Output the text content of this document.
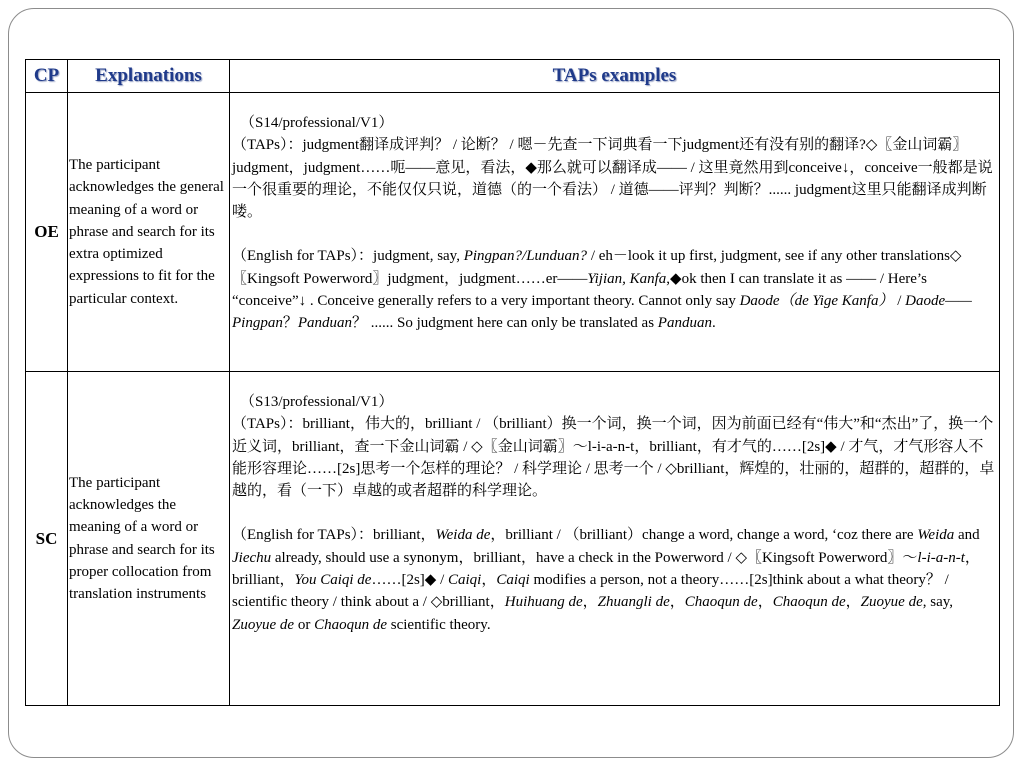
CP	Explanations	TAPs examples
OE	The participant acknowledges the general meaning of a word or phrase and search for its extra optimized expressions to fit for the particular context.	（S14/professional/V1）
（TAPs）：judgment翻译成评判？ / 论断？ / 嗯－先查一下词典看一下judgment还有没有别的翻译?◇〖金山词霸〗judgment，judgment……呃——意见，看法，◆那么就可以翻译成—— / 这里竟然用到conceive↓，conceive一般都是说一个很重要的理论，不能仅仅只说，道德（的一个看法） / 道德——评判？判断？...... judgment这里只能翻译成判断喽。

（English for TAPs）：judgment, say, Pingpan?/Lunduan? / eh－look it up first, judgment, see if any other translations◇〖Kingsoft Powerword〗judgment，judgment……er——Yijian, Kanfa,◆ok then I can translate it as —— / Here’s “conceive”↓ . Conceive generally refers to a very important theory. Cannot only say Daode（de Yige Kanfa） / Daode——Pingpan？Panduan？ ...... So judgment here can only be translated as Panduan.

SC	The participant acknowledges the meaning of a word or phrase and search for its proper collocation from translation instruments	（S13/professional/V1）
（TAPs）：brilliant，伟大的，brilliant / （brilliant）换一个词，换一个词，因为前面已经有“伟大”和“杰出”了，换一个近义词，brilliant，查一下金山词霸 / ◇〖金山词霸〗～l-i-a-n-t，brilliant，有才气的……[2s]◆ / 才气，才气形容人不能形容理论……[2s]思考一个怎样的理论？ / 科学理论 / 思考一个 / ◇brilliant，辉煌的，壮丽的，超群的，超群的，卓越的，看（一下）卓越的或者超群的科学理论。

（English for TAPs）：brilliant，Weida de，brilliant / （brilliant）change a word, change a word, ‘coz there are Weida and Jiechu already, should use a synonym，brilliant，have a check in the Powerword / ◇〖Kingsoft Powerword〗～l-i-a-n-t，brilliant，You Caiqi de……[2s]◆ / Caiqi，Caiqi modifies a person, not a theory……[2s]think about a what theory？ / scientific theory / think about a / ◇brilliant，Huihuang de，Zhuangli de，Chaoqun de，Chaoqun de，Zuoyue de, say, Zuoyue de or Chaoqun de scientific theory.
